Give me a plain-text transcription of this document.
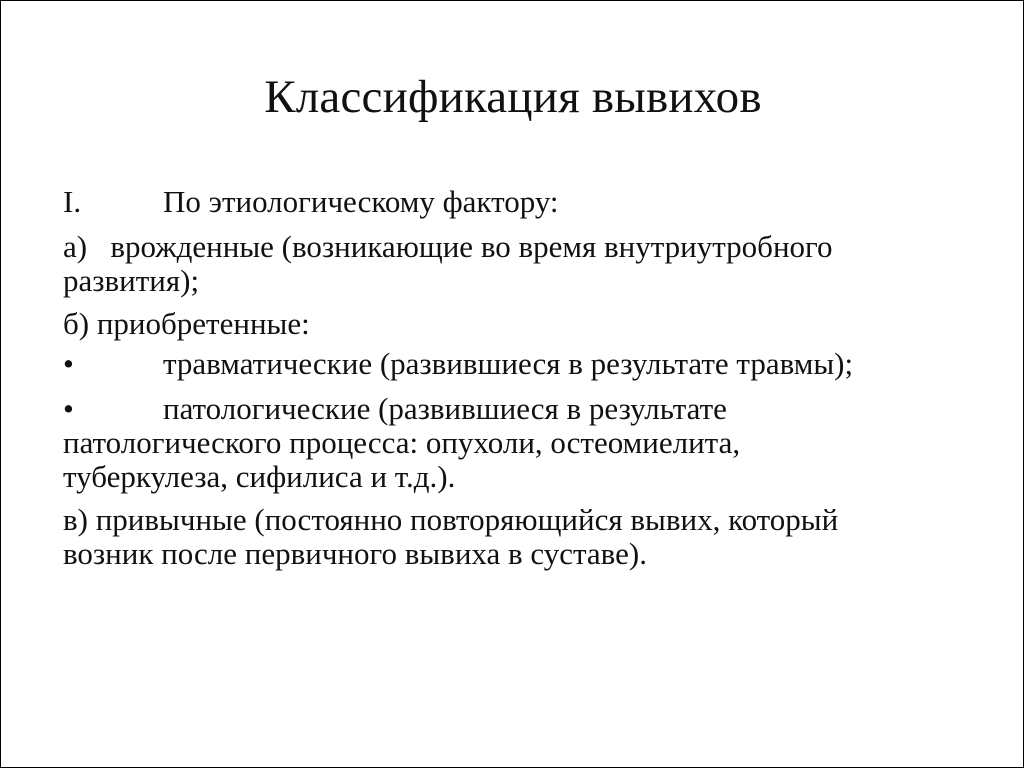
Классификация вывихов
I.	По этиологическому фактору:
а)   врожденные (возникающие во время внутриутробного
развития);
б) приобретенные:
•	травматические (развившиеся в результате травмы);
•	патологические (развившиеся в результате
патологического процесса: опухоли, остеомиелита,
туберкулеза, сифилиса и т.д.).
в) привычные (постоянно повторяющийся вывих, который
возник после первичного вывиха в суставе).
